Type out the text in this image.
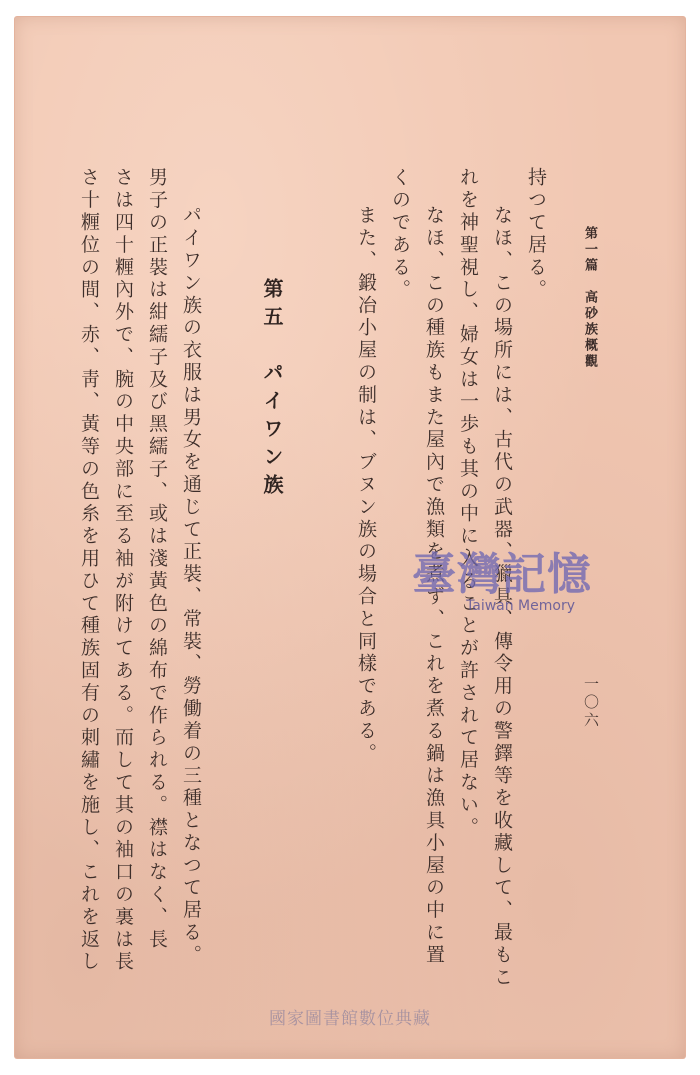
第一篇　高砂族概觀
一〇六
持つて居る。
なほ、この場所には、古代の武器、獵具、傳令用の警鐸等を收藏して、最もこ
れを神聖視し、婦女は一歩も其の中に入ることが許されて居ない。
なほ、この種族もまた屋內で漁類を煮ず、これを煮る鍋は漁具小屋の中に置
くのである。
また、鍛冶小屋の制は、ブヌン族の場合と同樣である。
第五　パイワン族
パイワン族の衣服は男女を通じて正裝、常裝、勞働着の三種となつて居る。
男子の正裝は紺繻子及び黑繻子、或は淺黃色の綿布で作られる。襟はなく、長
さは四十糎內外で、腕の中央部に至る袖が附けてある。而して其の袖口の裏は長
さ十糎位の間、赤、靑、黃等の色糸を用ひて種族固有の刺繡を施し、これを返し	臺灣記憶
Taiwan Memory
國家圖書館數位典藏
